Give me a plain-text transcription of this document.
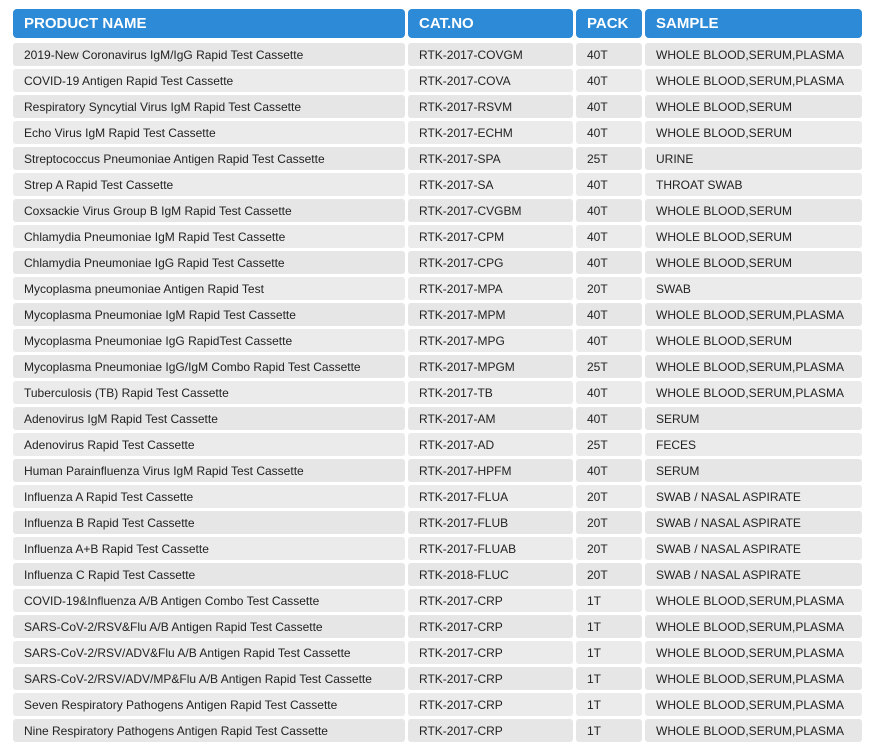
PRODUCT NAME	CAT.NO	PACK	SAMPLE
2019-New Coronavirus IgM/IgG Rapid Test Cassette	RTK-2017-COVGM	40T	WHOLE BLOOD,SERUM,PLASMA
COVID-19 Antigen Rapid Test Cassette	RTK-2017-COVA	40T	WHOLE BLOOD,SERUM,PLASMA
Respiratory Syncytial Virus IgM Rapid Test Cassette	RTK-2017-RSVM	40T	WHOLE BLOOD,SERUM
Echo Virus IgM Rapid Test Cassette	RTK-2017-ECHM	40T	WHOLE BLOOD,SERUM
Streptococcus Pneumoniae Antigen Rapid Test Cassette	RTK-2017-SPA	25T	URINE
Strep A Rapid Test Cassette	RTK-2017-SA	40T	THROAT SWAB
Coxsackie Virus Group B IgM Rapid Test Cassette	RTK-2017-CVGBM	40T	WHOLE BLOOD,SERUM
Chlamydia Pneumoniae IgM Rapid Test Cassette	RTK-2017-CPM	40T	WHOLE BLOOD,SERUM
Chlamydia Pneumoniae IgG Rapid Test Cassette	RTK-2017-CPG	40T	WHOLE BLOOD,SERUM
Mycoplasma pneumoniae Antigen Rapid Test	RTK-2017-MPA	20T	SWAB
Mycoplasma Pneumoniae IgM Rapid Test Cassette	RTK-2017-MPM	40T	WHOLE BLOOD,SERUM,PLASMA
Mycoplasma Pneumoniae IgG RapidTest Cassette	RTK-2017-MPG	40T	WHOLE BLOOD,SERUM
Mycoplasma Pneumoniae IgG/IgM Combo Rapid Test Cassette	RTK-2017-MPGM	25T	WHOLE BLOOD,SERUM,PLASMA
Tuberculosis (TB) Rapid Test Cassette	RTK-2017-TB	40T	WHOLE BLOOD,SERUM,PLASMA
Adenovirus IgM Rapid Test Cassette	RTK-2017-AM	40T	SERUM
Adenovirus Rapid Test Cassette	RTK-2017-AD	25T	FECES
Human Parainfluenza Virus IgM Rapid Test Cassette	RTK-2017-HPFM	40T	SERUM
Influenza A Rapid Test Cassette	RTK-2017-FLUA	20T	SWAB / NASAL ASPIRATE
Influenza B Rapid Test Cassette	RTK-2017-FLUB	20T	SWAB / NASAL ASPIRATE
Influenza A+B Rapid Test Cassette	RTK-2017-FLUAB	20T	SWAB / NASAL ASPIRATE
Influenza C Rapid Test Cassette	RTK-2018-FLUC	20T	SWAB / NASAL ASPIRATE
COVID-19&Influenza A/B Antigen Combo Test Cassette	RTK-2017-CRP	1T	WHOLE BLOOD,SERUM,PLASMA
SARS-CoV-2/RSV&Flu A/B Antigen Rapid Test Cassette	RTK-2017-CRP	1T	WHOLE BLOOD,SERUM,PLASMA
SARS-CoV-2/RSV/ADV&Flu A/B Antigen Rapid Test Cassette	RTK-2017-CRP	1T	WHOLE BLOOD,SERUM,PLASMA
SARS-CoV-2/RSV/ADV/MP&Flu A/B Antigen Rapid Test Cassette	RTK-2017-CRP	1T	WHOLE BLOOD,SERUM,PLASMA
Seven Respiratory Pathogens Antigen Rapid Test Cassette	RTK-2017-CRP	1T	WHOLE BLOOD,SERUM,PLASMA
Nine Respiratory Pathogens Antigen Rapid Test Cassette	RTK-2017-CRP	1T	WHOLE BLOOD,SERUM,PLASMA
